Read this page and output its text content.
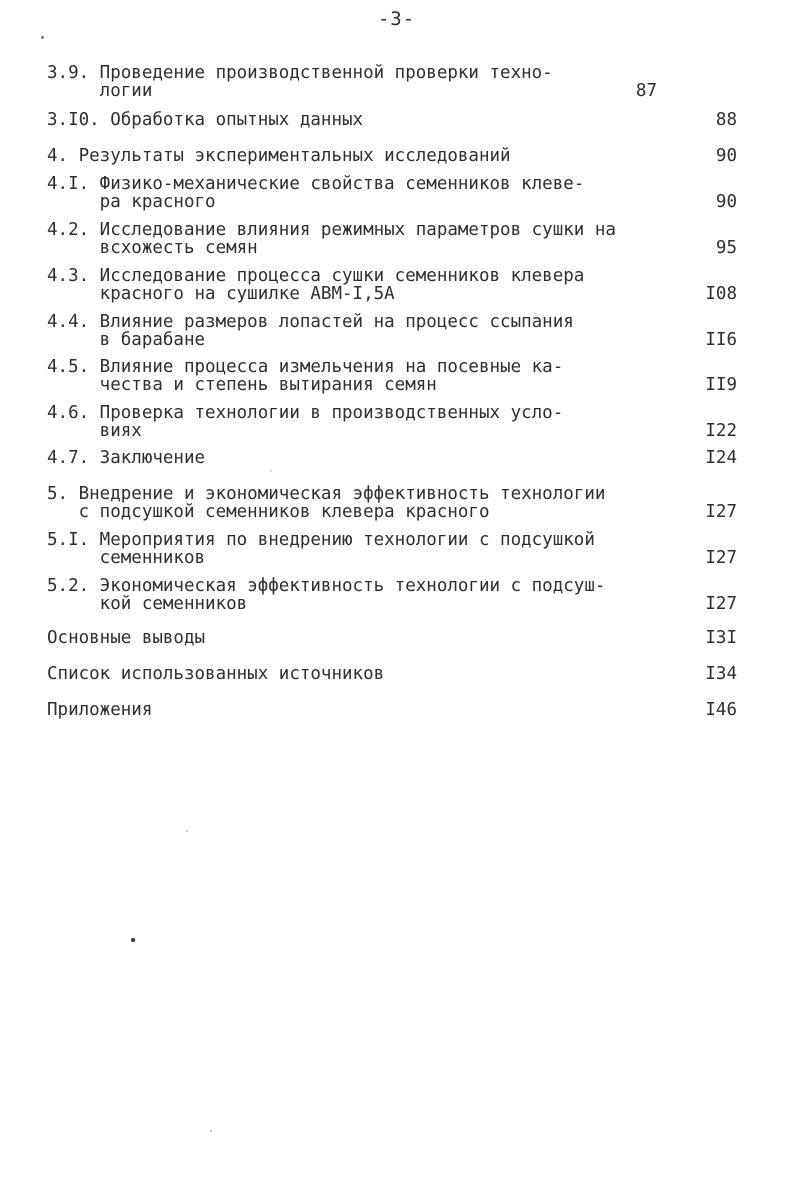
-3-
3.9. Проведение производственной проверки техно-
логии	87
3.I0. Обработка опытных данных	88
4. Результаты экспериментальных исследований	90
4.I. Физико-механические свойства семенников клеве-
ра красного	90
4.2. Исследование влияния режимных параметров сушки на
всхожесть семян	95
4.3. Исследование процесса сушки семенников клевера
красного на сушилке АВМ-I,5А	I08
4.4. Влияние размеров лопастей на процесс ссыпания
в барабане	II6
4.5. Влияние процесса измельчения на посевные ка-
чества и степень вытирания семян	II9
4.6. Проверка технологии в производственных усло-
виях	I22
4.7. Заключение	I24
5. Внедрение и экономическая эффективность технологии
с подсушкой семенников клевера красного	I27
5.I. Мероприятия по внедрению технологии с подсушкой
семенников	I27
5.2. Экономическая эффективность технологии с подсуш-
кой семенников	I27
Основные выводы	I3I
Список использованных источников	I34
Приложения	I46
